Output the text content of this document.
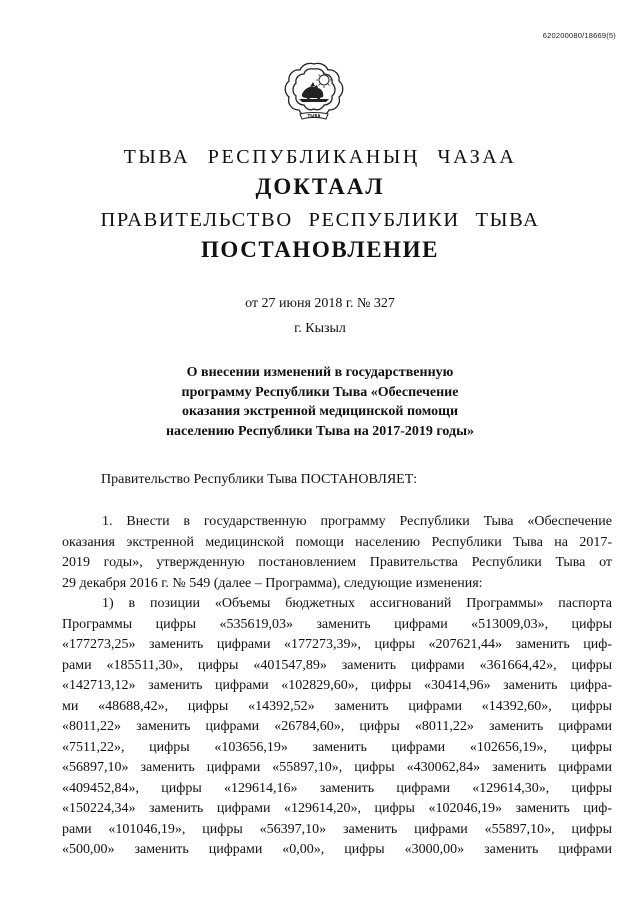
620200080/18669(5)
ТЫВА
ТЫВА РЕСПУБЛИКАНЫҢ ЧАЗАА
ДОКТААЛ
ПРАВИТЕЛЬСТВО РЕСПУБЛИКИ ТЫВА
ПОСТАНОВЛЕНИЕ
от 27 июня 2018 г. № 327
г. Кызыл
О внесении изменений в государственную
программу Республики Тыва «Обеспечение
оказания экстренной медицинской помощи
населению Республики Тыва на 2017-2019 годы»
Правительство Республики Тыва ПОСТАНОВЛЯЕТ:
1. Внести в государственную программу Республики Тыва «Обеспечение
оказания экстренной медицинской помощи населению Республики Тыва на 2017-
2019 годы», утвержденную постановлением Правительства Республики Тыва от
29 декабря 2016 г. № 549 (далее – Программа), следующие изменения:
1) в позиции «Объемы бюджетных ассигнований Программы» паспорта
Программы цифры «535619,03» заменить цифрами «513009,03», цифры
«177273,25» заменить цифрами «177273,39», цифры «207621,44» заменить циф-
рами «185511,30», цифры «401547,89» заменить цифрами «361664,42», цифры
«142713,12» заменить цифрами «102829,60», цифры «30414,96» заменить цифра-
ми «48688,42», цифры «14392,52» заменить цифрами «14392,60», цифры
«8011,22» заменить цифрами «26784,60», цифры «8011,22» заменить цифрами
«7511,22», цифры «103656,19» заменить цифрами «102656,19», цифры
«56897,10» заменить цифрами «55897,10», цифры «430062,84» заменить цифрами
«409452,84», цифры «129614,16» заменить цифрами «129614,30», цифры
«150224,34» заменить цифрами «129614,20», цифры «102046,19» заменить циф-
рами «101046,19», цифры «56397,10» заменить цифрами «55897,10», цифры
«500,00» заменить цифрами «0,00», цифры «3000,00» заменить цифрами
